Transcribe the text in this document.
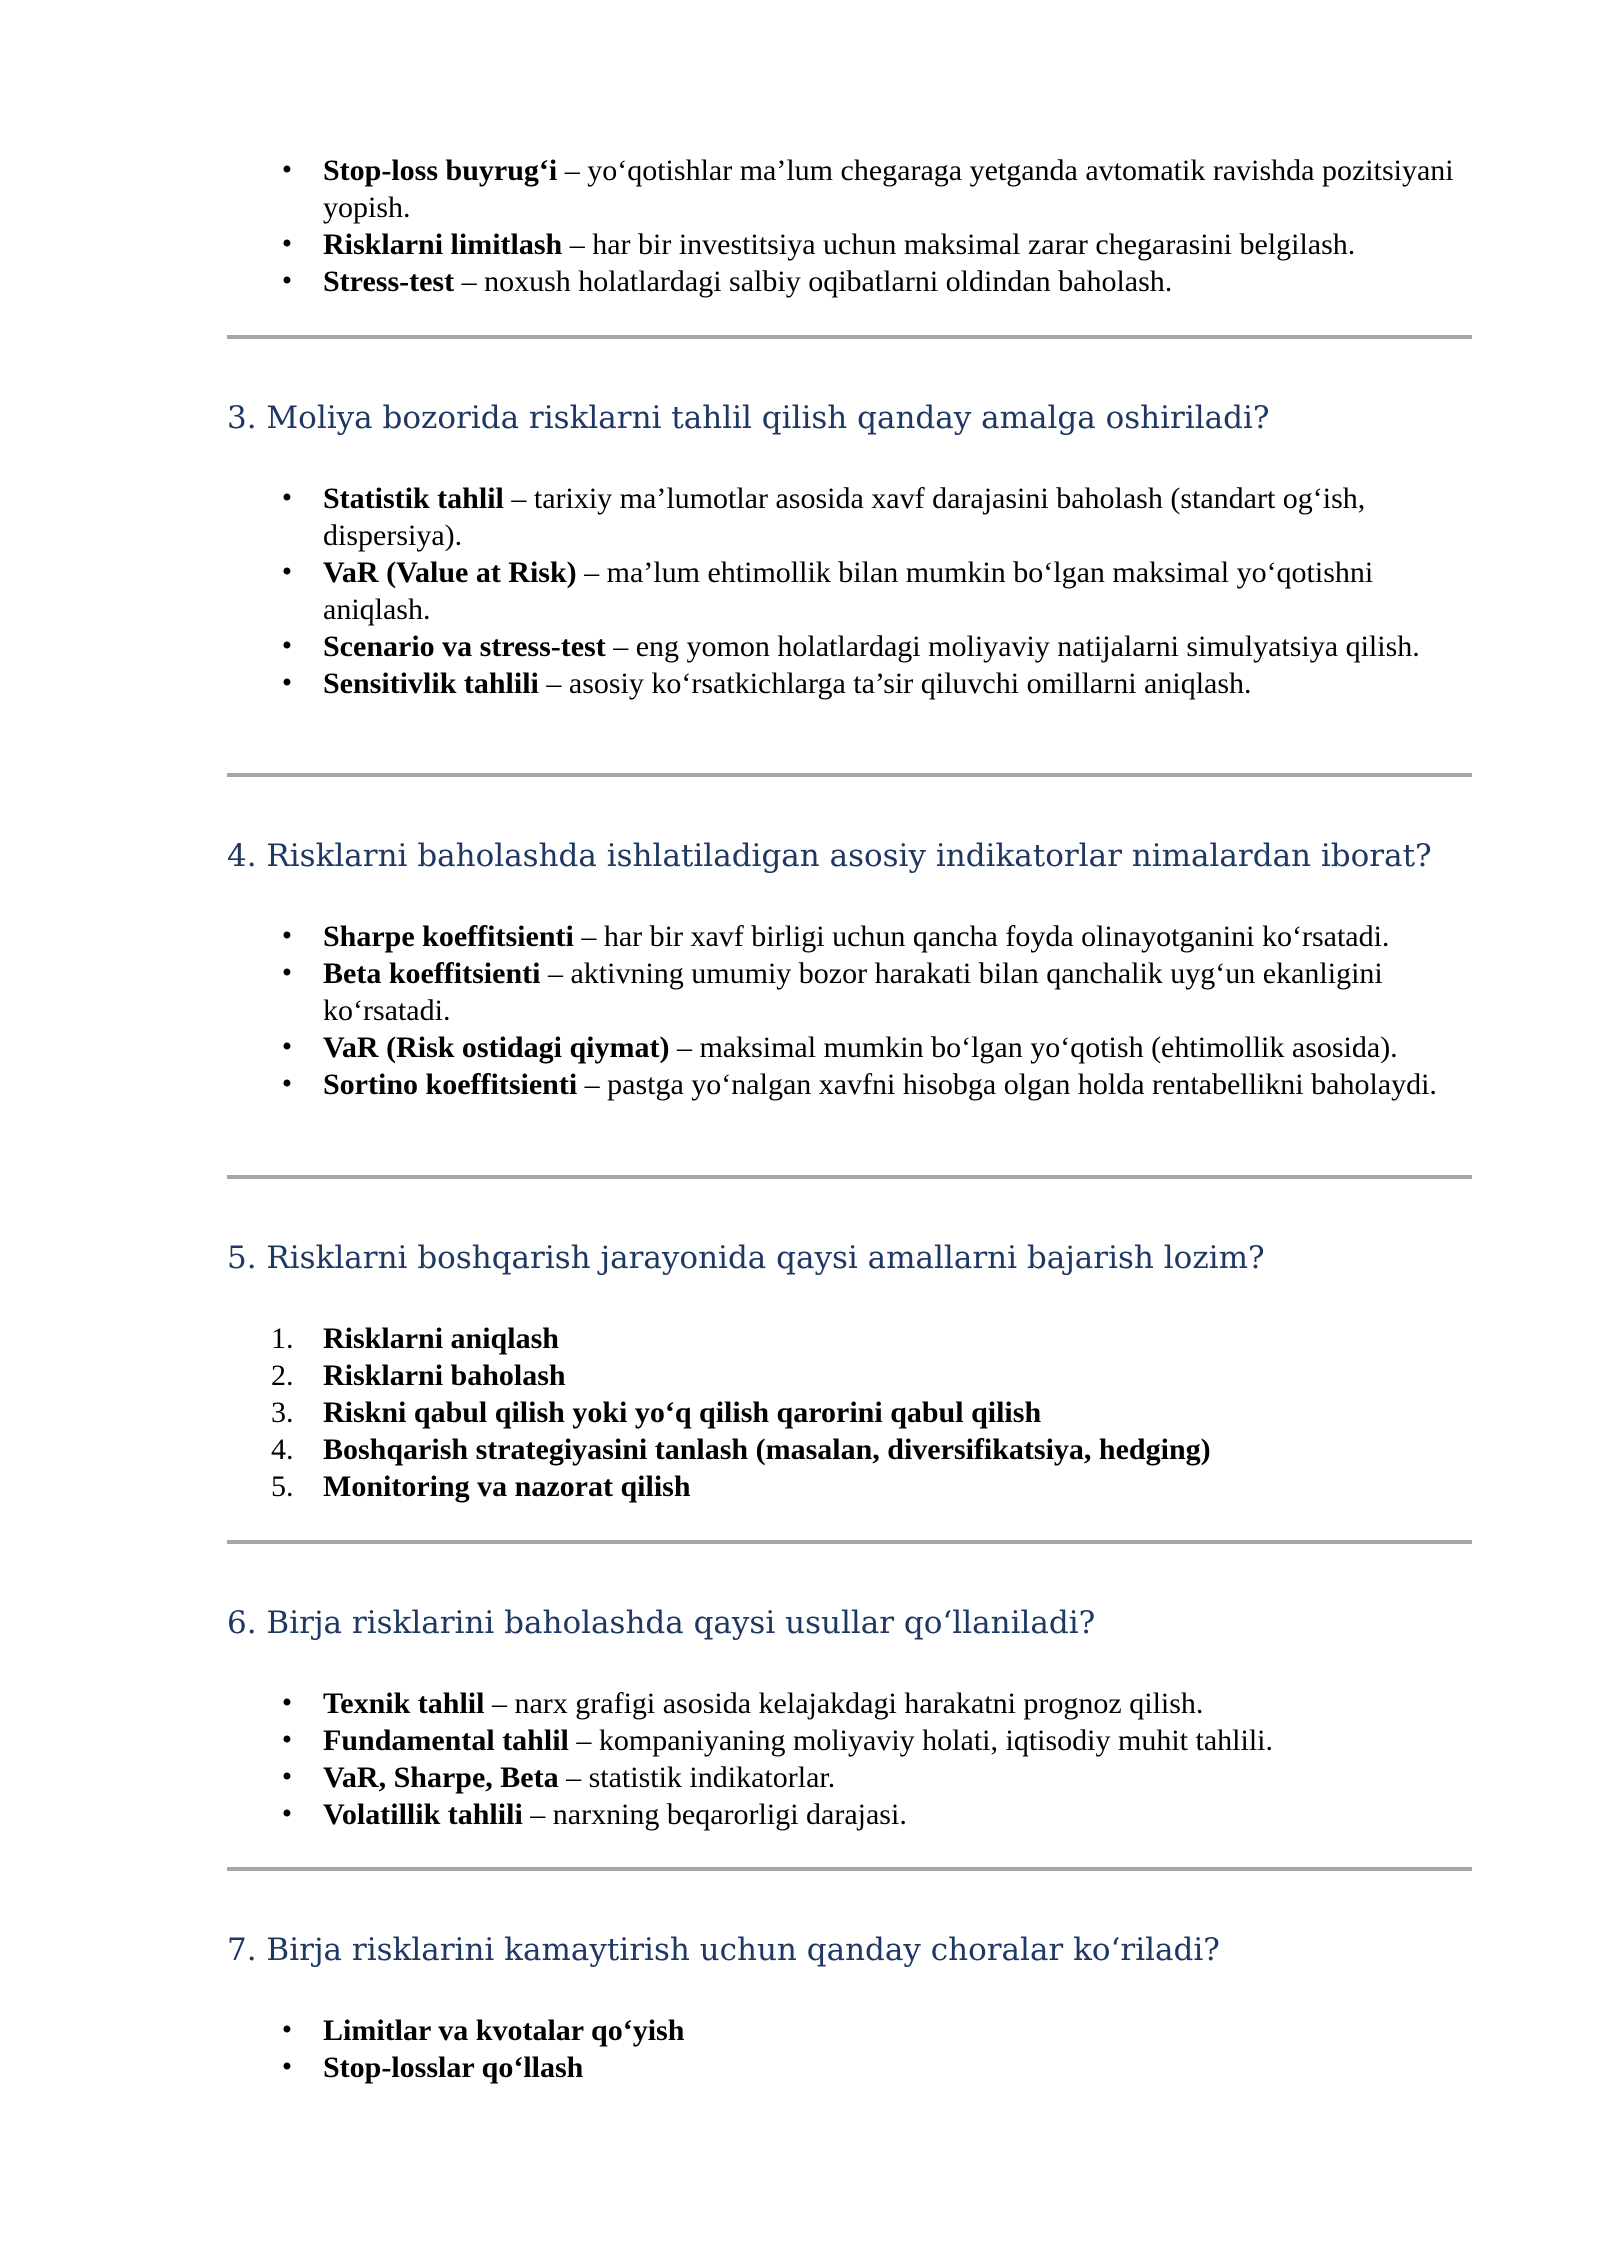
• Stop-loss buyrug‘i – yo‘qotishlar ma’lum chegaraga yetganda avtomatik ravishda pozitsiyani yopish.
• Risklarni limitlash – har bir investitsiya uchun maksimal zarar chegarasini belgilash.
• Stress-test – noxush holatlardagi salbiy oqibatlarni oldindan baholash.
3. Moliya bozorida risklarni tahlil qilish qanday amalga oshiriladi?
• Statistik tahlil – tarixiy ma’lumotlar asosida xavf darajasini baholash (standart og‘ish, dispersiya).
• VaR (Value at Risk) – ma’lum ehtimollik bilan mumkin bo‘lgan maksimal yo‘qotishni aniqlash.
• Scenario va stress-test – eng yomon holatlardagi moliyaviy natijalarni simulyatsiya qilish.
• Sensitivlik tahlili – asosiy ko‘rsatkichlarga ta’sir qiluvchi omillarni aniqlash.
4. Risklarni baholashda ishlatiladigan asosiy indikatorlar nimalardan iborat?
• Sharpe koeffitsienti – har bir xavf birligi uchun qancha foyda olinayotganini ko‘rsatadi.
• Beta koeffitsienti – aktivning umumiy bozor harakati bilan qanchalik uyg‘un ekanligini ko‘rsatadi.
• VaR (Risk ostidagi qiymat) – maksimal mumkin bo‘lgan yo‘qotish (ehtimollik asosida).
• Sortino koeffitsienti – pastga yo‘nalgan xavfni hisobga olgan holda rentabellikni baholaydi.
5. Risklarni boshqarish jarayonida qaysi amallarni bajarish lozim?
1. Risklarni aniqlash
2. Risklarni baholash
3. Riskni qabul qilish yoki yo‘q qilish qarorini qabul qilish
4. Boshqarish strategiyasini tanlash (masalan, diversifikatsiya, hedging)
5. Monitoring va nazorat qilish
6. Birja risklarini baholashda qaysi usullar qo‘llaniladi?
• Texnik tahlil – narx grafigi asosida kelajakdagi harakatni prognoz qilish.
• Fundamental tahlil – kompaniyaning moliyaviy holati, iqtisodiy muhit tahlili.
• VaR, Sharpe, Beta – statistik indikatorlar.
• Volatillik tahlili – narxning beqarorligi darajasi.
7. Birja risklarini kamaytirish uchun qanday choralar ko‘riladi?
• Limitlar va kvotalar qo‘yish
• Stop-losslar qo‘llash
